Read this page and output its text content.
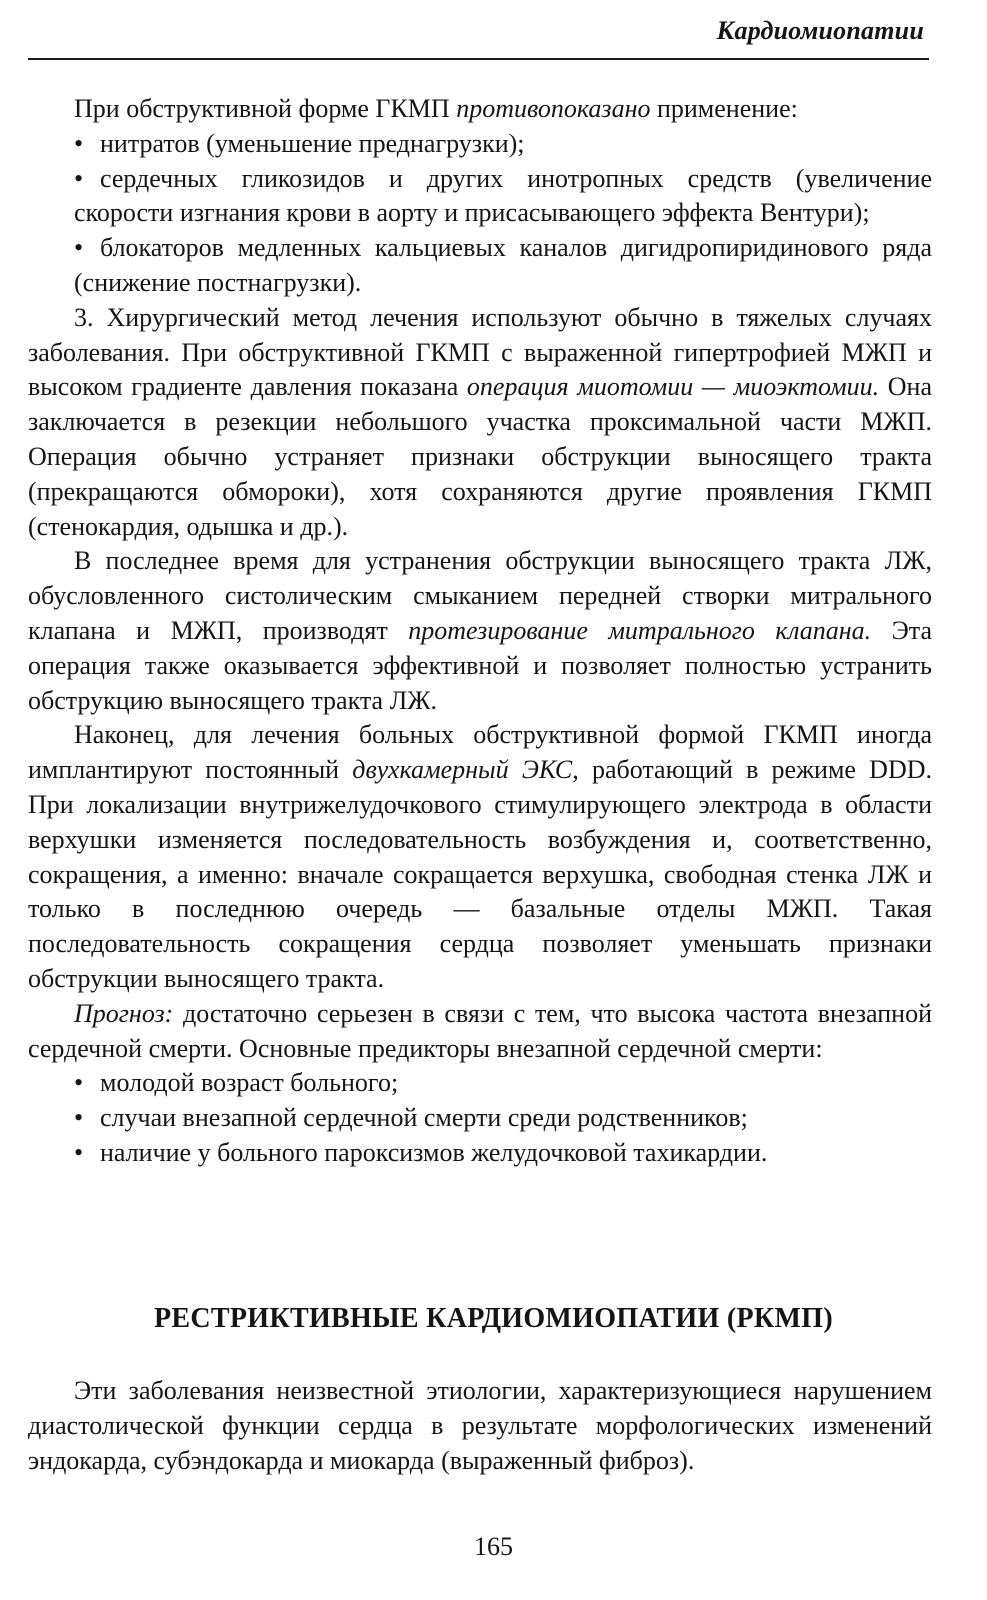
Кардиомиопатии

При обструктивной форме ГКМП противопоказано применение:

• нитратов (уменьшение преднагрузки);

• сердечных гликозидов и других инотропных средств (увеличение скорости изгнания крови в аорту и присасывающего эффекта Вентури);

• блокаторов медленных кальциевых каналов дигидропиридинового ряда (снижение постнагрузки).

3. Хирургический метод лечения используют обычно в тяжелых случаях заболевания. При обструктивной ГКМП с выраженной гипертрофией МЖП и высоком градиенте давления показана операция миотомии — миоэктомии. Она заключается в резекции небольшого участка проксимальной части МЖП. Операция обычно устраняет признаки обструкции выносящего тракта (прекращаются обмороки), хотя сохраняются другие проявления ГКМП (стенокардия, одышка и др.).

В последнее время для устранения обструкции выносящего тракта ЛЖ, обусловленного систолическим смыканием передней створки митрального клапана и МЖП, производят протезирование митрального клапана. Эта операция также оказывается эффективной и позволяет полностью устранить обструкцию выносящего тракта ЛЖ.

Наконец, для лечения больных обструктивной формой ГКМП иногда имплантируют постоянный двухкамерный ЭКС, работающий в режиме DDD. При локализации внутрижелудочкового стимулирующего электрода в области верхушки изменяется последовательность возбуждения и, соответственно, сокращения, а именно: вначале сокращается верхушка, свободная стенка ЛЖ и только в последнюю очередь — базальные отделы МЖП. Такая последовательность сокращения сердца позволяет уменьшать признаки обструкции выносящего тракта.

Прогноз: достаточно серьезен в связи с тем, что высока частота внезапной сердечной смерти. Основные предикторы внезапной сердечной смерти:

• молодой возраст больного;

• случаи внезапной сердечной смерти среди родственников;

• наличие у больного пароксизмов желудочковой тахикардии.

РЕСТРИКТИВНЫЕ КАРДИОМИОПАТИИ (РКМП)

Эти заболевания неизвестной этиологии, характеризующиеся нарушением диастолической функции сердца в результате морфологических изменений эндокарда, субэндокарда и миокарда (выраженный фиброз).

165
